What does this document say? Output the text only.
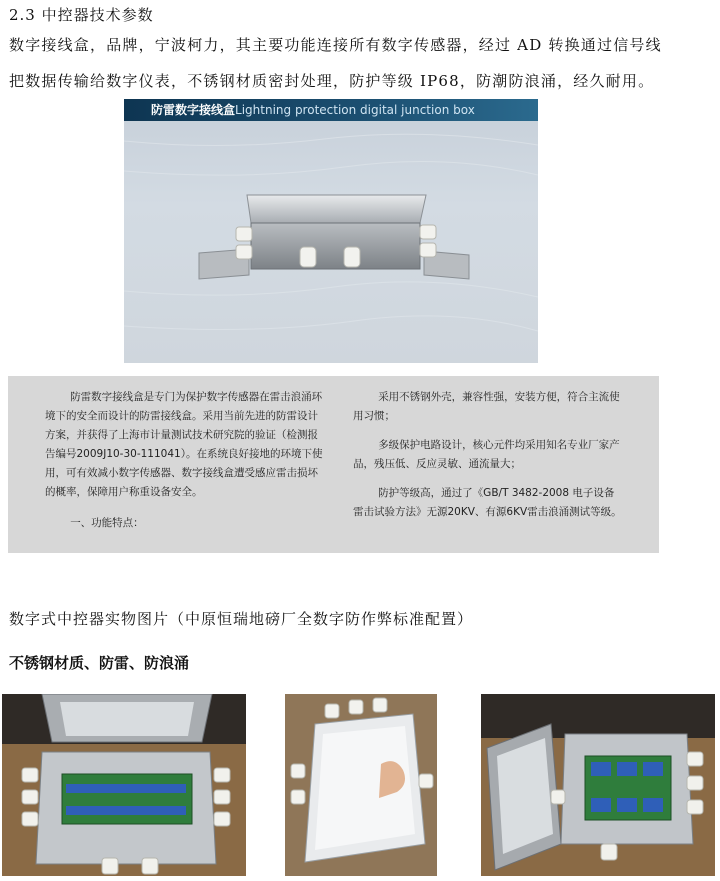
2.3 中控器技术参数
数字接线盒，品牌，宁波柯力，其主要功能连接所有数字传感器，经过 AD 转换通过信号线
把数据传输给数字仪表，不锈钢材质密封处理，防护等级 IP68，防潮防浪涌，经久耐用。
防雷数字接线盒Lightning protection digital junction box

防雷数字接线盒是专门为保护数字传感器在雷击浪涌环境下的安全而设计的防雷接线盒。采用当前先进的防雷设计方案，并获得了上海市计量测试技术研究院的验证（检测报告编号2009J10-30-111041）。在系统良好接地的环境下使用，可有效减小数字传感器、数字接线盒遭受感应雷击损坏的概率，保障用户称重设备安全。

一、功能特点：

采用不锈钢外壳，兼容性强，安装方便，符合主流使用习惯；

多级保护电路设计，核心元件均采用知名专业厂家产品，残压低、反应灵敏、通流量大；

防护等级高，通过了《GB/T 3482-2008 电子设备雷击试验方法》无源20KV、有源6KV雷击浪涌测试等级。

数字式中控器实物图片（中原恒瑞地磅厂全数字防作弊标准配置）
不锈钢材质、防雷、防浪涌
